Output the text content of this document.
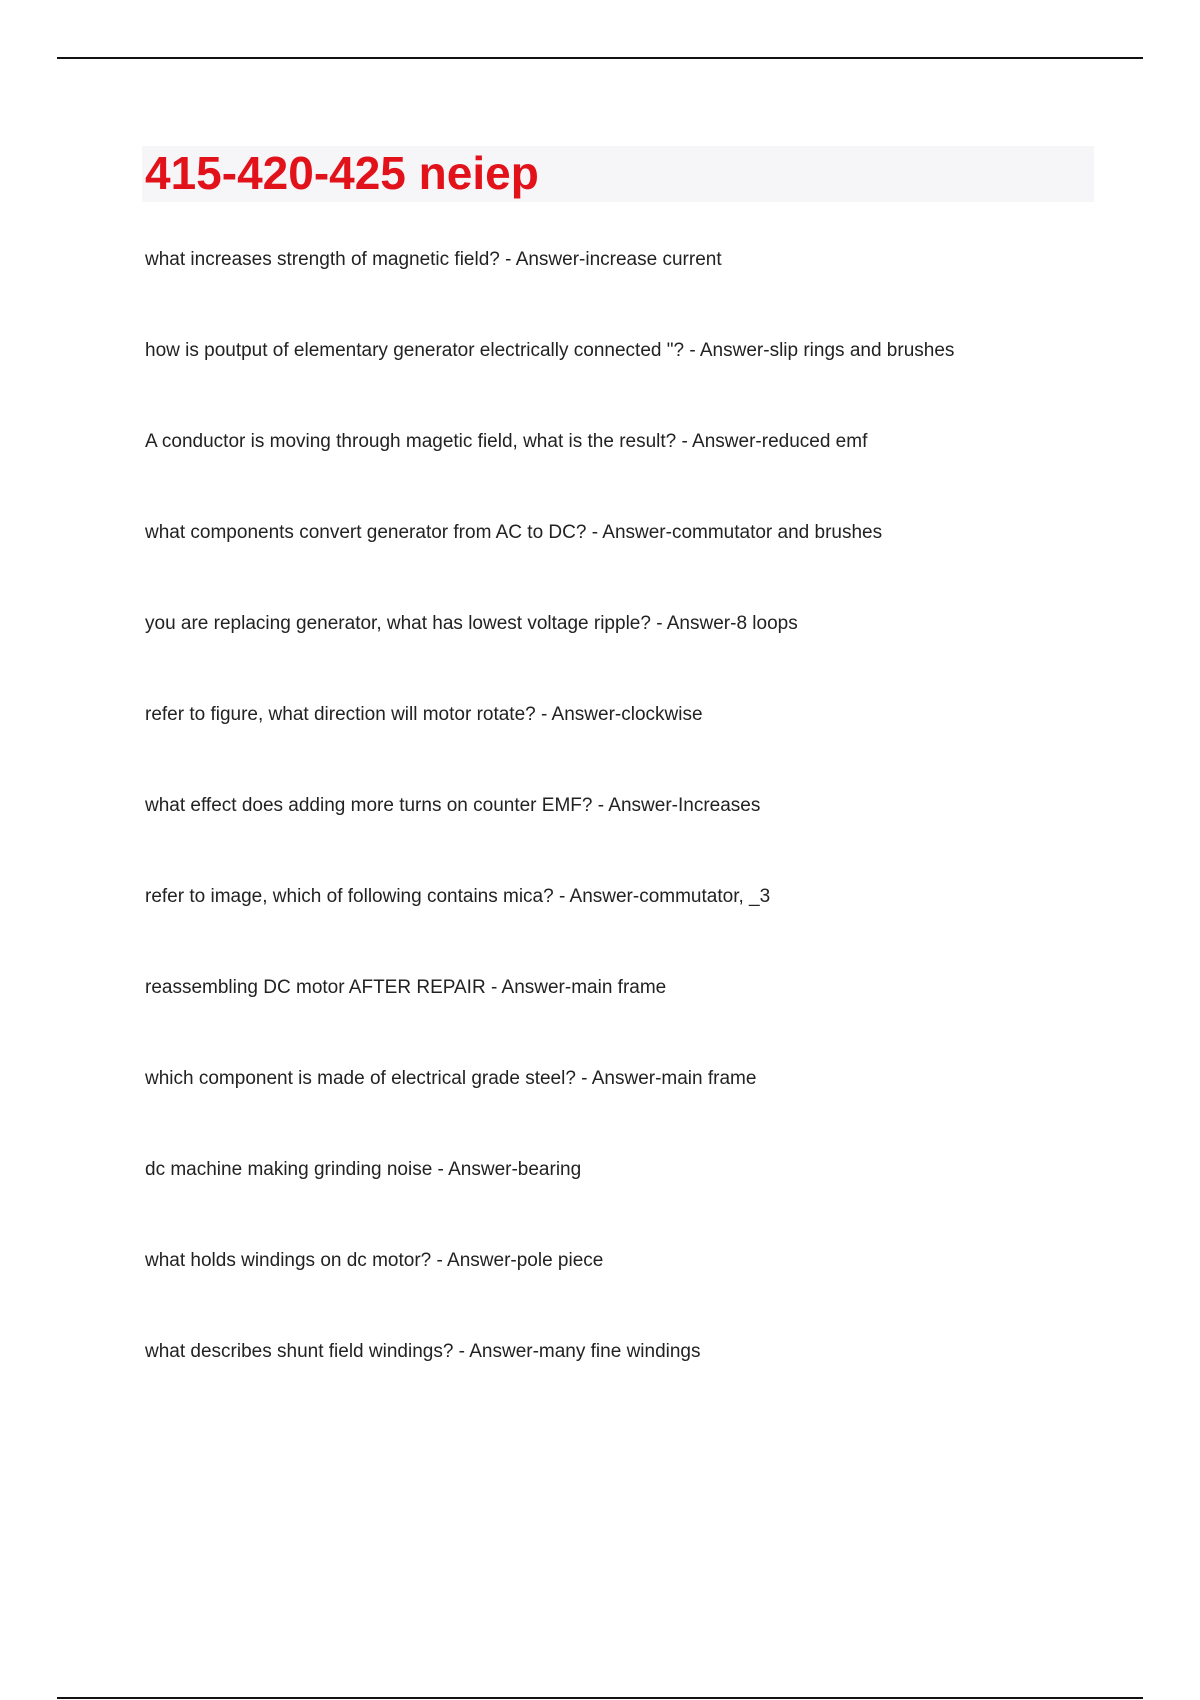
415-420-425 neiep
what increases strength of magnetic field? - Answer-increase current
how is poutput of elementary generator electrically connected "? - Answer-slip rings and brushes
A conductor is moving through magetic field, what is the result? - Answer-reduced emf
what components convert generator from AC to DC? - Answer-commutator and brushes
you are replacing generator, what has lowest voltage ripple? - Answer-8 loops
refer to figure, what direction will motor rotate? - Answer-clockwise
what effect does adding more turns on counter EMF? - Answer-Increases
refer to image, which of following contains mica? - Answer-commutator, _3
reassembling DC motor AFTER REPAIR - Answer-main frame
which component is made of electrical grade steel? - Answer-main frame
dc machine making grinding noise - Answer-bearing
what holds windings on dc motor? - Answer-pole piece
what describes shunt field windings? - Answer-many fine windings
